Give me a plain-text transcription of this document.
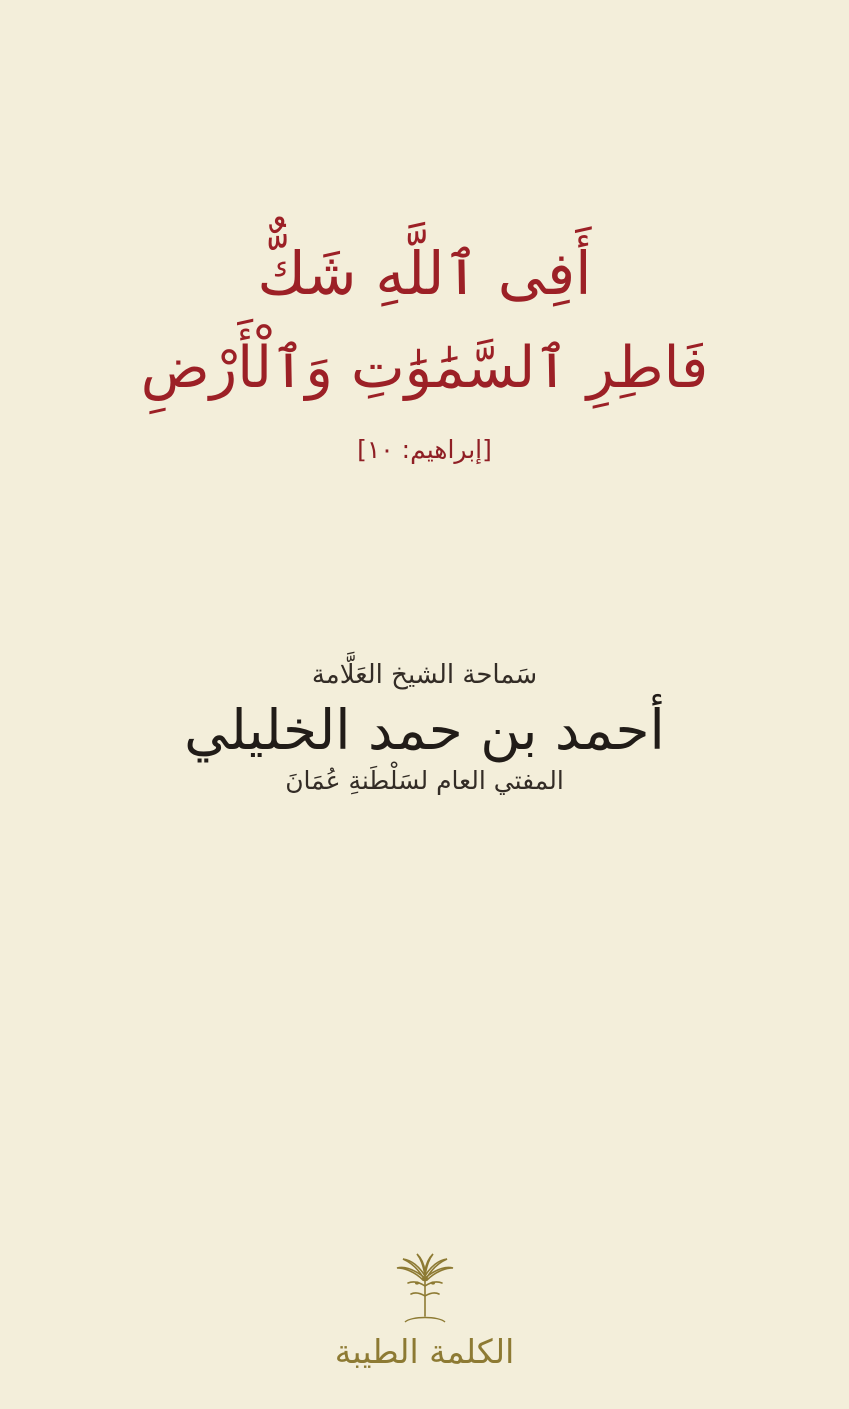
أَفِى ٱللَّهِ شَكٌّ
فَاطِرِ ٱلسَّمَٰوَٰتِ وَٱلْأَرْضِ
[إبراهيم: ١٠]
سَماحة الشيخ العَلَّامة
أحمد بن حمد الخليلي
المفتي العام لسَلْطَنةِ عُمَانَ
الكلمة الطيبة
